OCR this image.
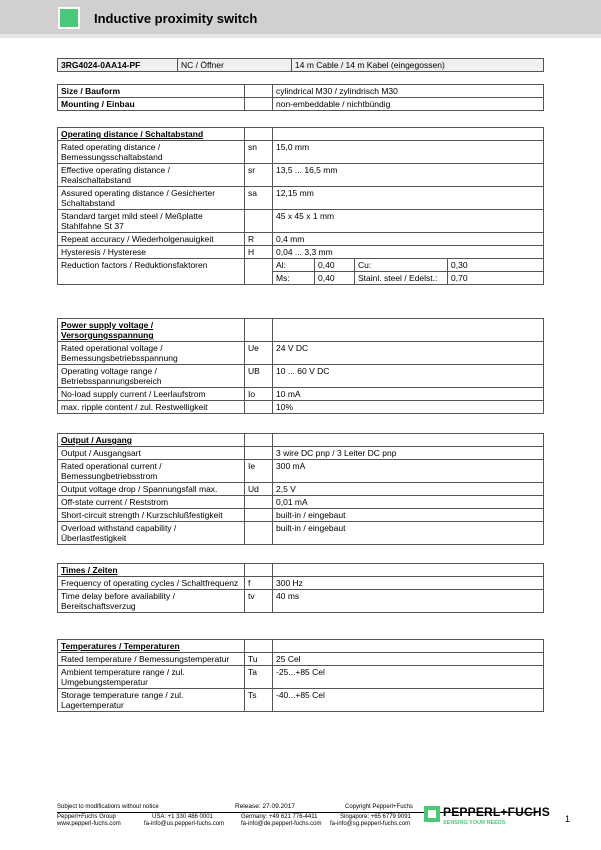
Inductive proximity switch
3RG4024-0AA14-PF	NC / Öffner	14 m Cable / 14 m Kabel (eingegossen)
Size / Bauform		cylindrical M30 / zylindrisch M30
Mounting / Einbau		non-embeddable / nichtbündig
Operating distance / Schaltabstand					
Rated operating distance / Bemessungsschaltabstand	sn	15,0 mm			
Effective operating distance / Realschaltabstand	sr	13,5 ... 16,5 mm			
Assured operating distance / Gesicherter Schaltabstand	sa	12,15 mm			
Standard target mild steel / Meßplatte Stahlfahne St 37		45 x 45 x 1 mm			
Repeat accuracy / Wiederholgenauigkeit	R	0,4 mm			
Hysteresis / Hysterese	H	0,04 ... 3,3 mm			
Reduction factors / Reduktionsfaktoren		Al:	0,40	Cu:	0,30
		Ms:	0,40	Stainl. steel / Edelst.:	0,70
Power supply voltage / Versorgungsspannung		
Rated operational voltage / Bemessungsbetriebsspannung	Ue	24 V DC
Operating voltage range / Betriebsspannungsbereich	UB	10 ... 60 V DC
No-load supply current / Leerlaufstrom	Io	10 mA
max. ripple content / zul. Restwelligkeit		10%
Output / Ausgang		
Output / Ausgangsart		3 wire DC pnp / 3 Leiter DC pnp
Rated operational current / Bemessungbetriebsstrom	Ie	300 mA
Output voltage drop / Spannungsfall max.	Ud	2,5 V
Off-state current / Reststrom		0,01 mA
Short-circuit strength / Kurzschlußfestigkeit		built-in / eingebaut
Overload withstand capability / Überlastfestigkeit		built-in / eingebaut
Times / Zeiten		
Frequency of operating cycles / Schaltfrequenz	f	300 Hz
Time delay before availability / Bereitschaftsverzug	tv	40 ms
Temperatures / Temperaturen		
Rated temperature / Bemessungstemperatur	Tu	25 Cel
Ambient temperature range / zul. Umgebungstemperatur	Ta	-25...+85 Cel
Storage temperature range / zul. Lagertemperatur	Ts	-40...+85 Cel
Subject to modifications without notice	Release: 27.09.2017	Copyright Pepperl+Fuchs
Pepperl+Fuchs Group
www.pepperl-fuchs.com
USA: +1 330 486 0001
fa-info@us.pepperl-fuchs.com
Germany: +49 621 776-4411
fa-info@de.pepperl-fuchs.com
Singapore: +65 6779 9091
fa-info@sg.pepperl-fuchs.com
PEPPERL+FUCHS
SENSING YOUR NEEDS	1
